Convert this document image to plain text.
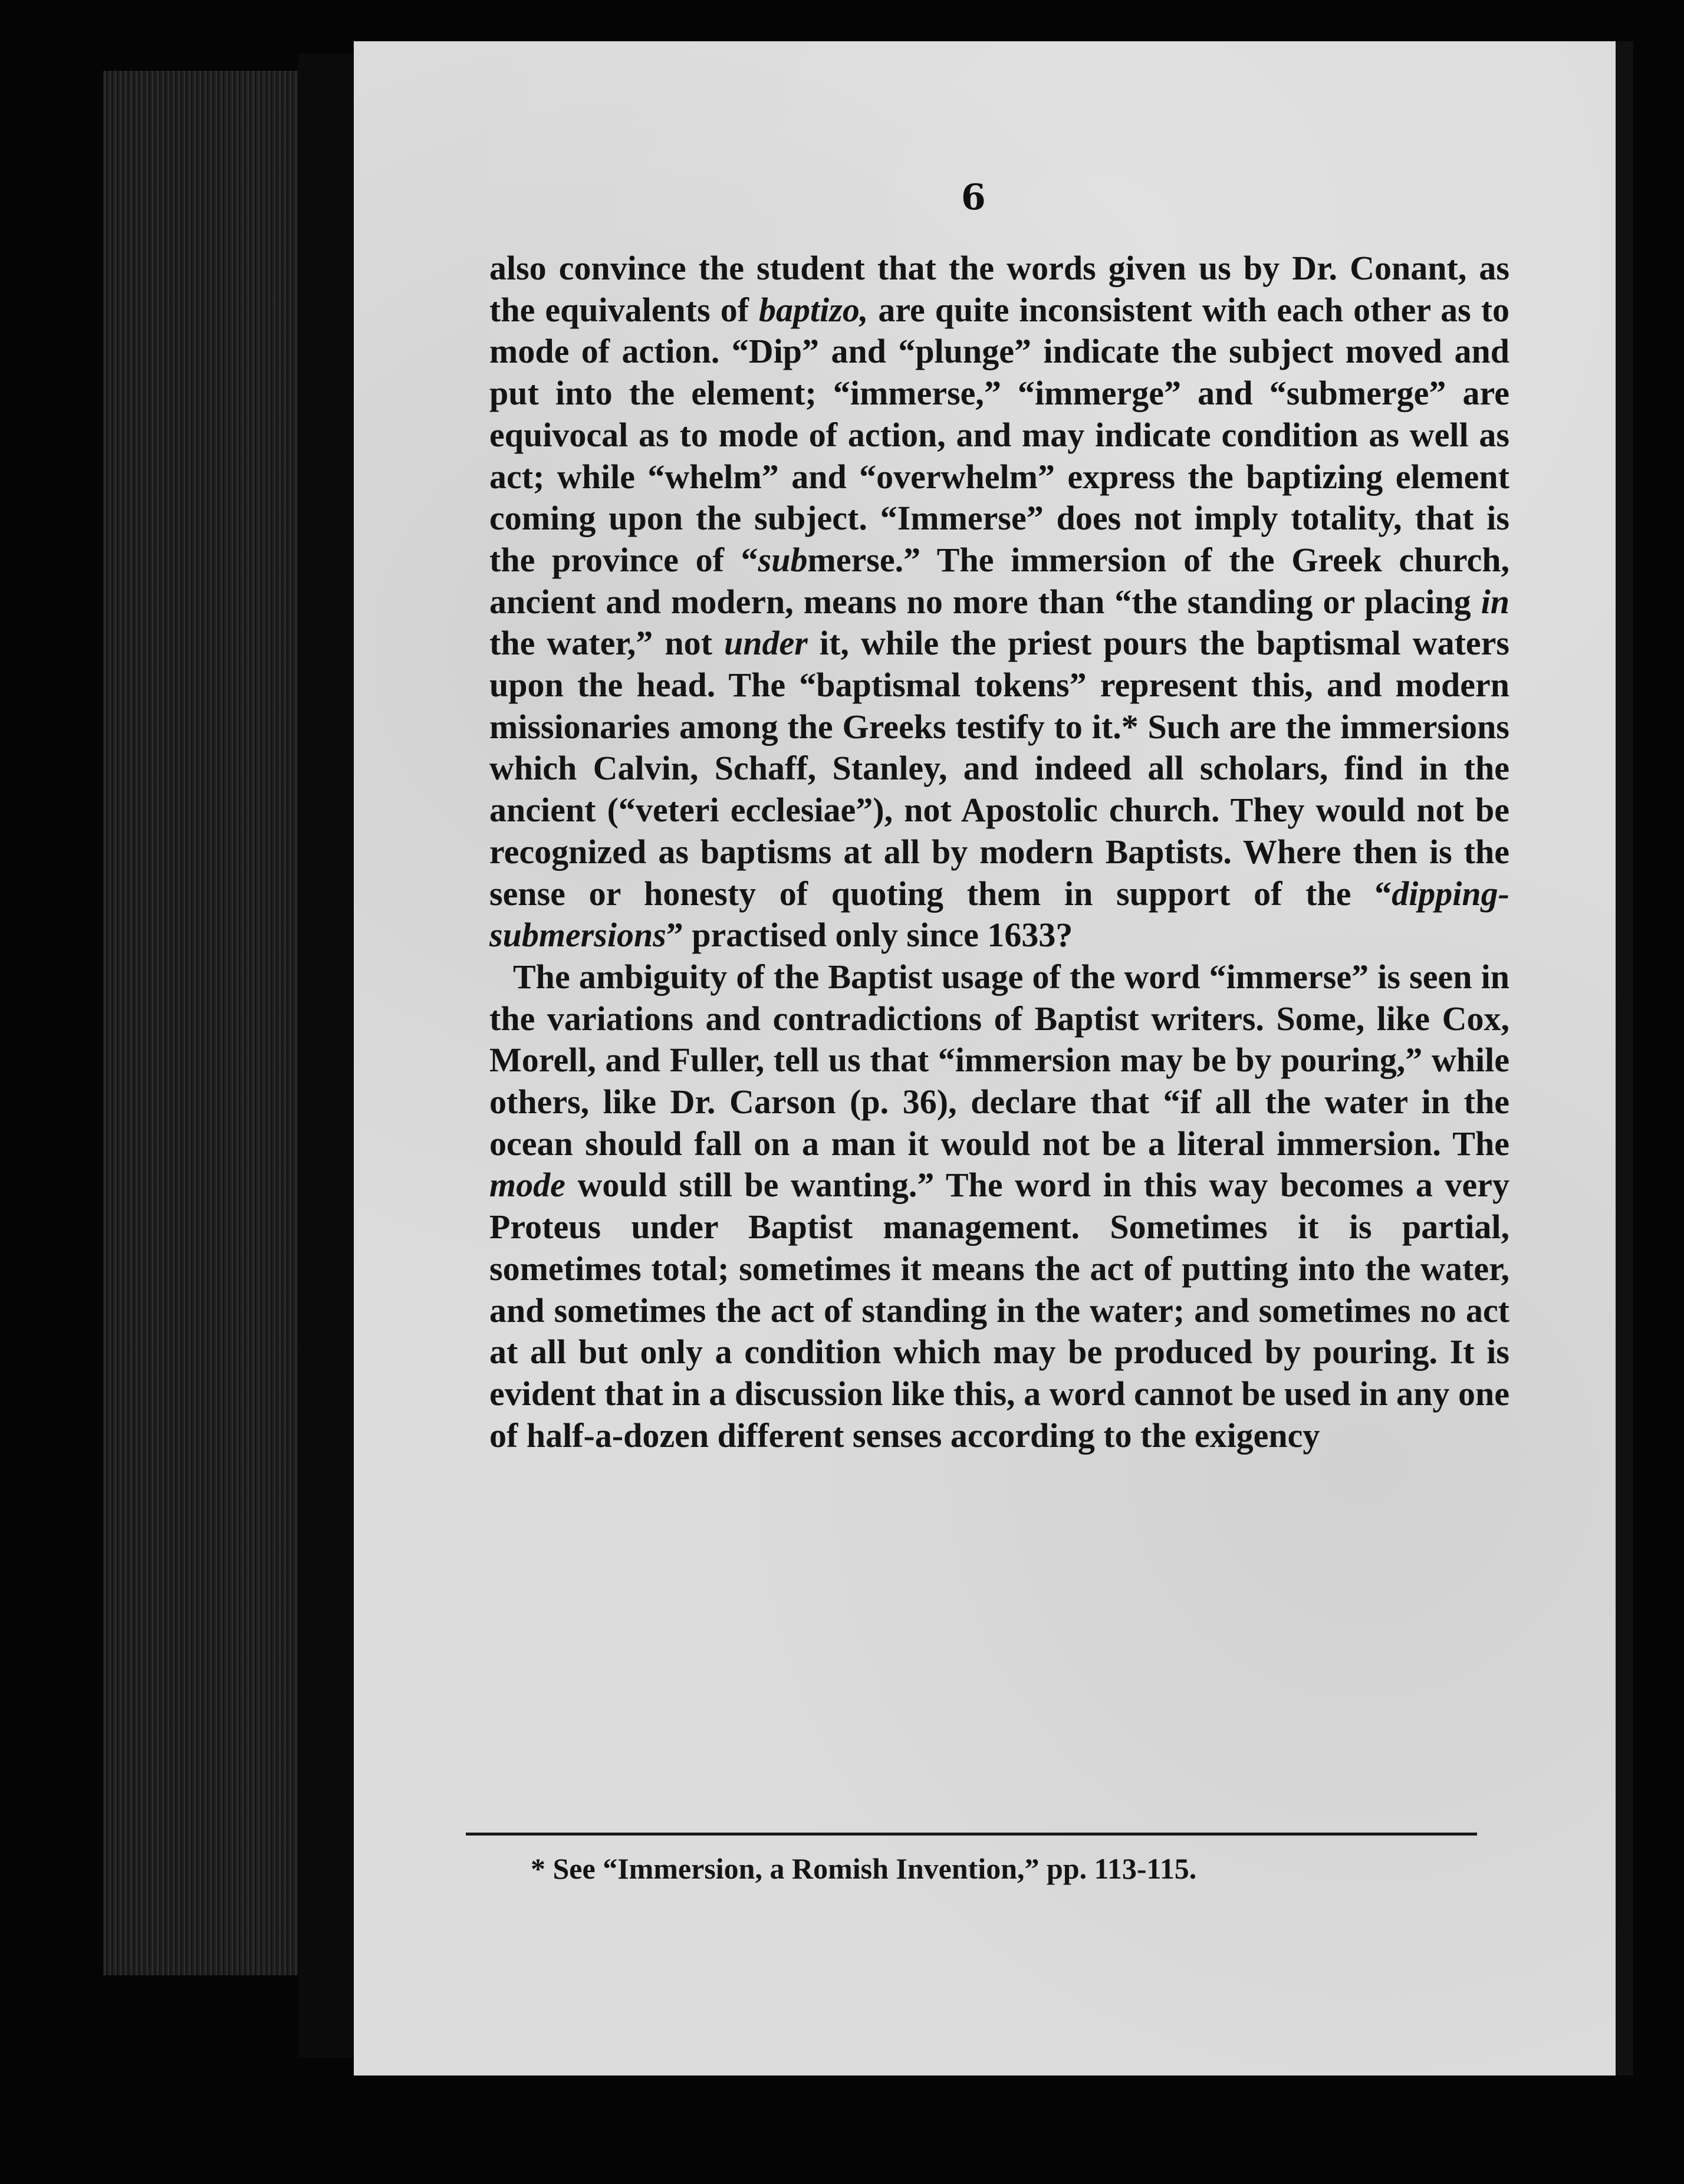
6

also convince the student that the words given us by Dr. Conant, as the equivalents of baptizo, are quite inconsistent with each other as to mode of action. “Dip” and “plunge” indicate the subject moved and put into the element; “immerse,” “immerge” and “submerge” are equivocal as to mode of action, and may indicate condition as well as act; while “whelm” and “overwhelm” express the baptizing element coming upon the subject. “Immerse” does not imply totality, that is the province of “submerse.” The immersion of the Greek church, ancient and modern, means no more than “the standing or placing in the water,” not under it, while the priest pours the baptismal waters upon the head. The “baptismal tokens” represent this, and modern missionaries among the Greeks testify to it.* Such are the immersions which Calvin, Schaff, Stanley, and indeed all scholars, find in the ancient (“veteri ecclesiae”), not Apostolic church. They would not be recognized as baptisms at all by modern Baptists. Where then is the sense or honesty of quoting them in support of the “dipping-submersions” practised only since 1633?

The ambiguity of the Baptist usage of the word “immerse” is seen in the variations and contradictions of Baptist writers. Some, like Cox, Morell, and Fuller, tell us that “immersion may be by pouring,” while others, like Dr. Carson (p. 36), declare that “if all the water in the ocean should fall on a man it would not be a literal immersion. The mode would still be wanting.” The word in this way becomes a very Proteus under Baptist management. Sometimes it is partial, sometimes total; sometimes it means the act of putting into the water, and sometimes the act of standing in the water; and sometimes no act at all but only a condition which may be produced by pouring. It is evident that in a discussion like this, a word cannot be used in any one of half-a-dozen different senses according to the exigency

* See “Immersion, a Romish Invention,” pp. 113-115.
